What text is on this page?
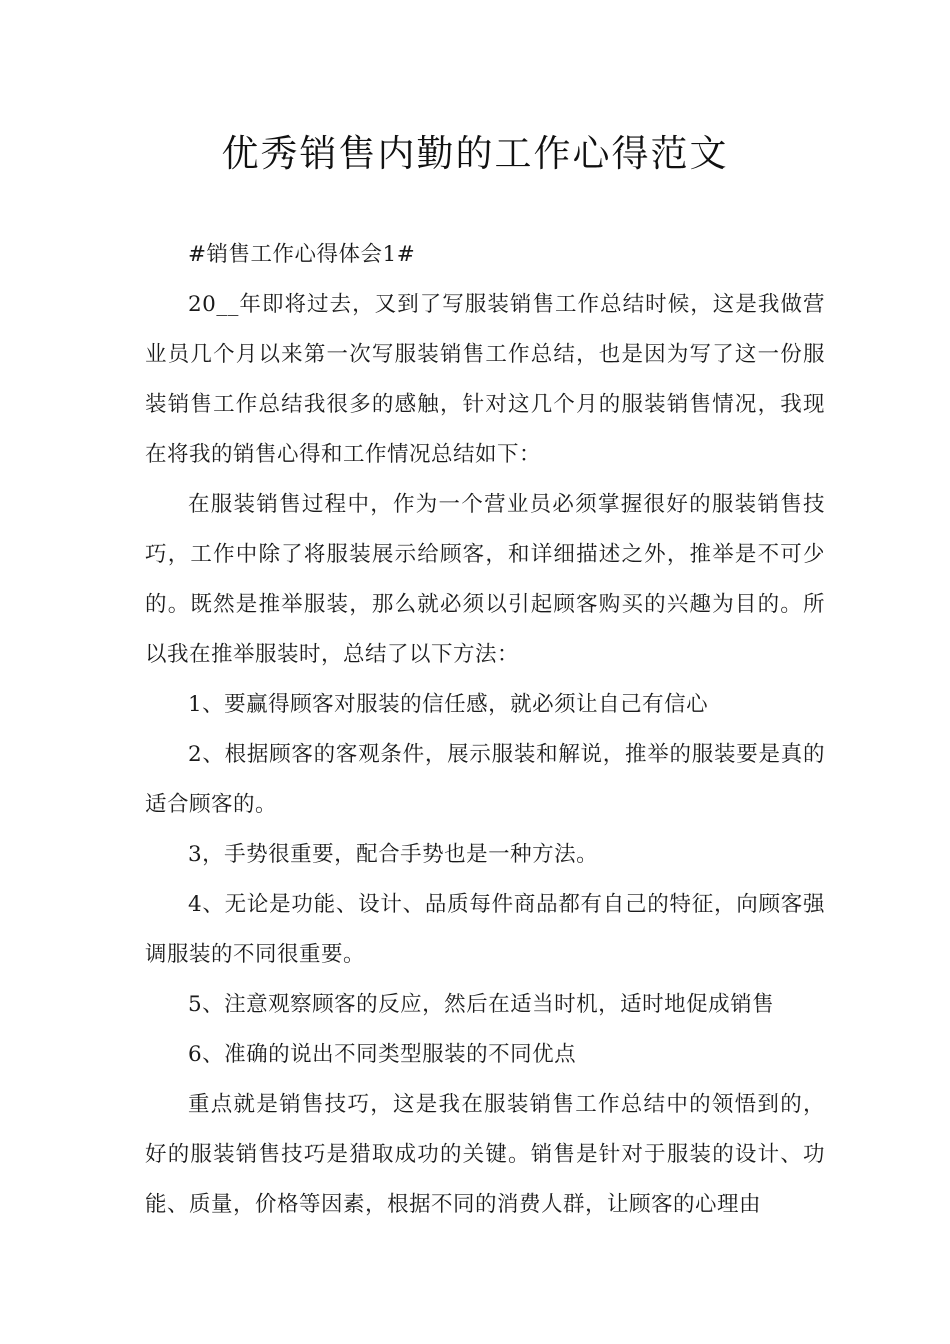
优秀销售内勤的工作心得范文

#销售工作心得体会1#

20__年即将过去，又到了写服装销售工作总结时候，这是我做营业员几个月以来第一次写服装销售工作总结，也是因为写了这一份服装销售工作总结我很多的感触，针对这几个月的服装销售情况，我现在将我的销售心得和工作情况总结如下：

在服装销售过程中，作为一个营业员必须掌握很好的服装销售技巧，工作中除了将服装展示给顾客，和详细描述之外，推举是不可少的。既然是推举服装，那么就必须以引起顾客购买的兴趣为目的。所以我在推举服装时，总结了以下方法：

1、要赢得顾客对服装的信任感，就必须让自己有信心

2、根据顾客的客观条件，展示服装和解说，推举的服装要是真的适合顾客的。

3，手势很重要，配合手势也是一种方法。

4、无论是功能、设计、品质每件商品都有自己的特征，向顾客强调服装的不同很重要。

5、注意观察顾客的反应，然后在适当时机，适时地促成销售

6、准确的说出不同类型服装的不同优点

重点就是销售技巧，这是我在服装销售工作总结中的领悟到的，好的服装销售技巧是猎取成功的关键。销售是针对于服装的设计、功能、质量，价格等因素，根据不同的消费人群，让顾客的心理由
